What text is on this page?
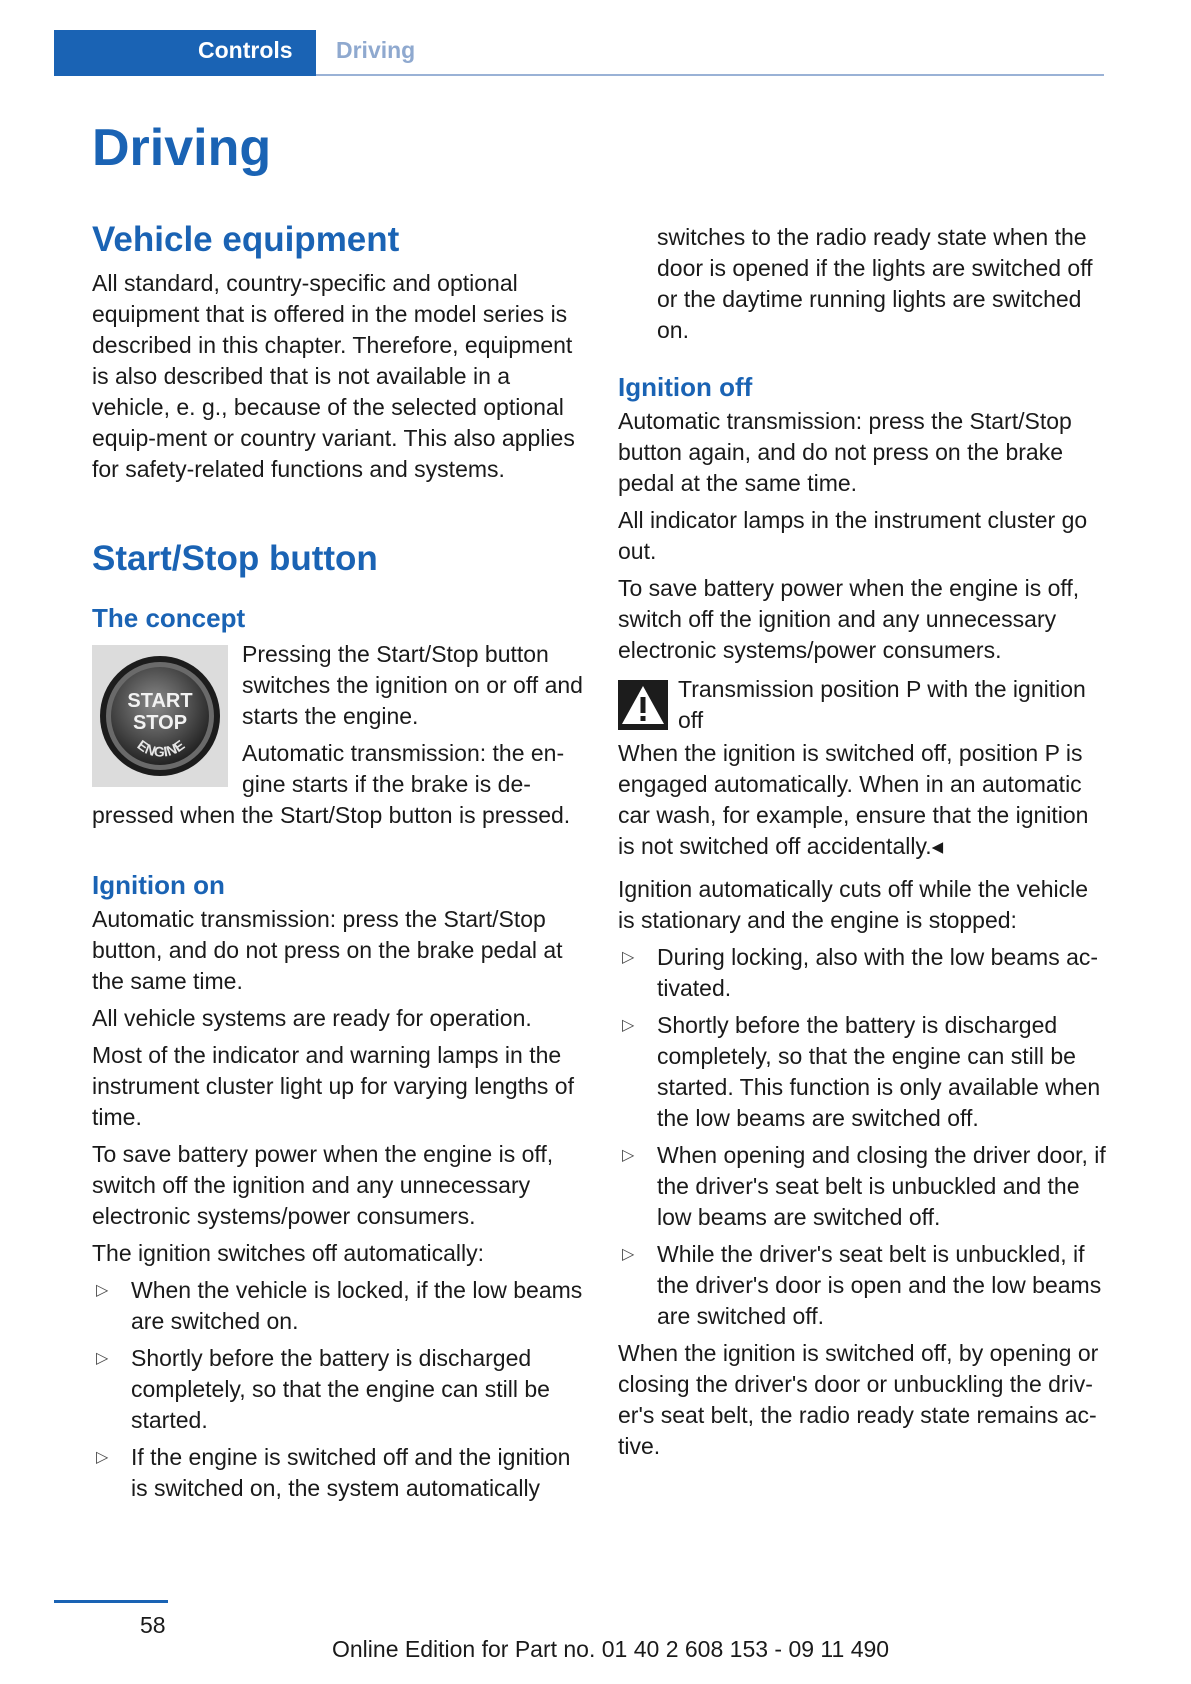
Controls Driving
Driving
Vehicle equipment

All standard, country-specific and optional equipment that is offered in the model series is described in this chapter. Therefore, equipment is also described that is not available in a vehicle, e. g., because of the selected optional equip-ment or country variant. This also applies for safety-related functions and systems.

Start/Stop button
The concept
START
STOP
ENGINE

Pressing the Start/Stop button switches the ignition on or off and starts the engine.

Automatic transmission: the en-gine starts if the brake is de-pressed when the Start/Stop button is pressed.

Ignition on

Automatic transmission: press the Start/Stop button, and do not press on the brake pedal at the same time.

All vehicle systems are ready for operation.

Most of the indicator and warning lamps in the instrument cluster light up for varying lengths of time.

To save battery power when the engine is off, switch off the ignition and any unnecessary electronic systems/power consumers.

The ignition switches off automatically:

▷ When the vehicle is locked, if the low beams are switched on.
▷ Shortly before the battery is discharged completely, so that the engine can still be started.
▷ If the engine is switched off and the ignition is switched on, the system automatically

switches to the radio ready state when the door is opened if the lights are switched off or the daytime running lights are switched on.

Ignition off

Automatic transmission: press the Start/Stop button again, and do not press on the brake pedal at the same time.

All indicator lamps in the instrument cluster go out.

To save battery power when the engine is off, switch off the ignition and any unnecessary electronic systems/power consumers.

Transmission position P with the ignition off

When the ignition is switched off, position P is engaged automatically. When in an automatic car wash, for example, ensure that the ignition is not switched off accidentally.◂

Ignition automatically cuts off while the vehicle is stationary and the engine is stopped:

▷ During locking, also with the low beams ac-tivated.
▷ Shortly before the battery is discharged completely, so that the engine can still be started. This function is only available when the low beams are switched off.
▷ When opening and closing the driver door, if the driver's seat belt is unbuckled and the low beams are switched off.
▷ While the driver's seat belt is unbuckled, if the driver's door is open and the low beams are switched off.

When the ignition is switched off, by opening or closing the driver's door or unbuckling the driv-er's seat belt, the radio ready state remains ac-tive.

58
Online Edition for Part no. 01 40 2 608 153 - 09 11 490
